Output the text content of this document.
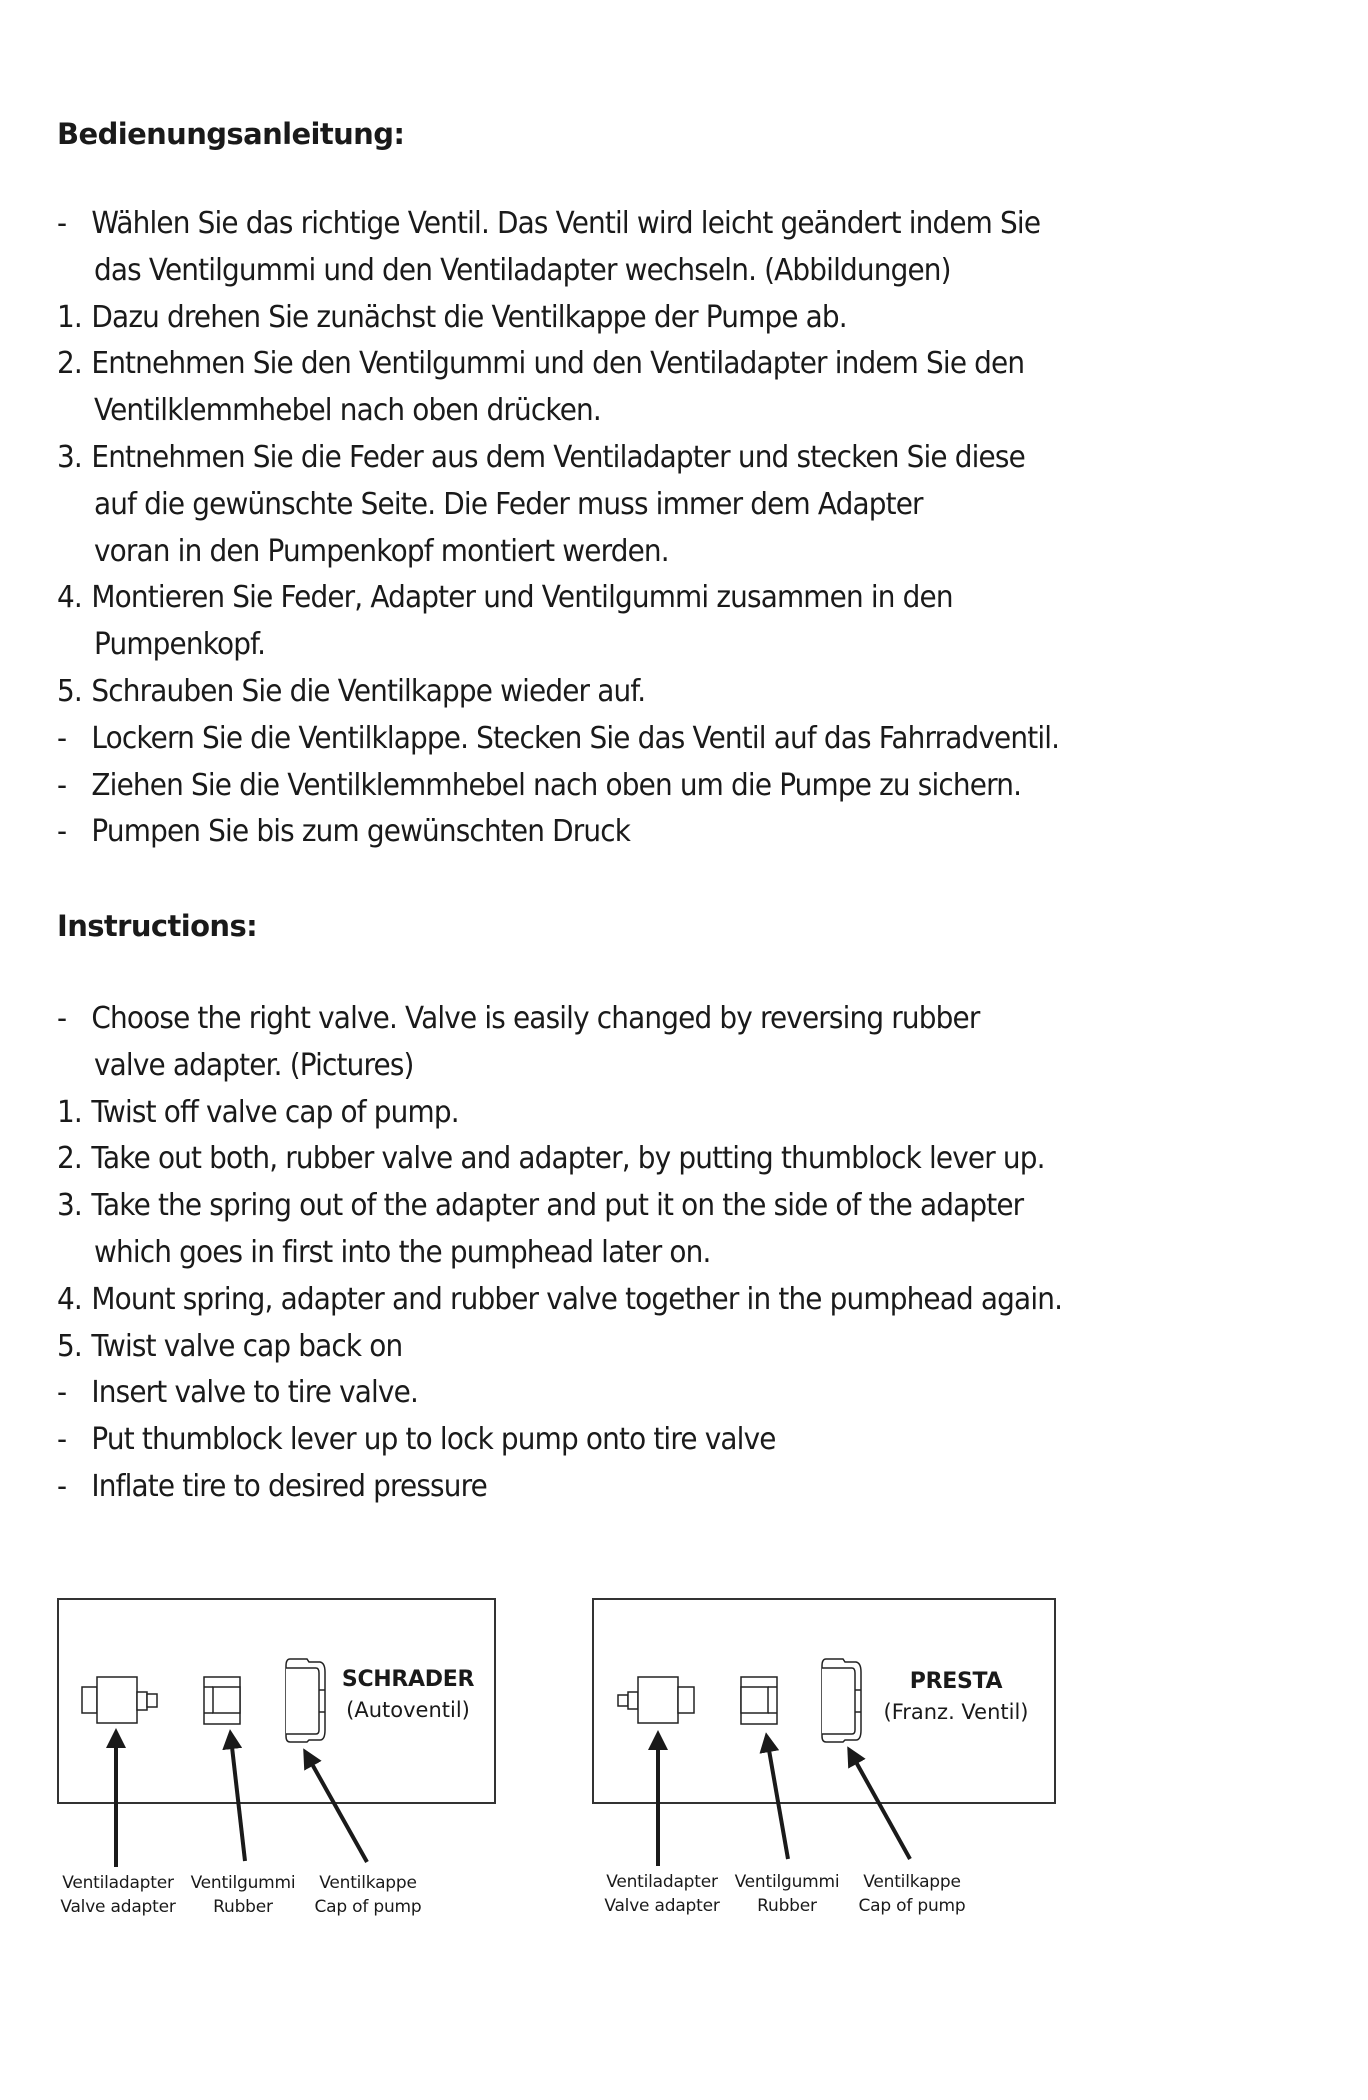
Bedienungsanleitung:
- Wählen Sie das richtige Ventil. Das Ventil wird leicht geändert indem Sie
das Ventilgummi und den Ventiladapter wechseln. (Abbildungen)
1. Dazu drehen Sie zunächst die Ventilkappe der Pumpe ab.
2. Entnehmen Sie den Ventilgummi und den Ventiladapter indem Sie den
Ventilklemmhebel nach oben drücken.
3. Entnehmen Sie die Feder aus dem Ventiladapter und stecken Sie diese
auf die gewünschte Seite. Die Feder muss immer dem Adapter
voran in den Pumpenkopf montiert werden.
4. Montieren Sie Feder, Adapter und Ventilgummi zusammen in den
Pumpenkopf.
5. Schrauben Sie die Ventilkappe wieder auf.
- Lockern Sie die Ventilklappe. Stecken Sie das Ventil auf das Fahrradventil.
- Ziehen Sie die Ventilklemmhebel nach oben um die Pumpe zu sichern.
- Pumpen Sie bis zum gewünschten Druck
Instructions:
- Choose the right valve. Valve is easily changed by reversing rubber
valve adapter. (Pictures)
1. Twist off valve cap of pump.
2. Take out both, rubber valve and adapter, by putting thumblock lever up.
3. Take the spring out of the adapter and put it on the side of the adapter
which goes in first into the pumphead later on.
4. Mount spring, adapter and rubber valve together in the pumphead again.
5. Twist valve cap back on
- Insert valve to tire valve.
- Put thumblock lever up to lock pump onto tire valve
- Inflate tire to desired pressure
SCHRADER
(Autoventil)
PRESTA
(Franz. Ventil)
Ventiladapter
Valve adapter
Ventilgummi
Rubber
Ventilkappe
Cap of pump
Ventiladapter
Valve adapter
Ventilgummi
Rubber
Ventilkappe
Cap of pump
